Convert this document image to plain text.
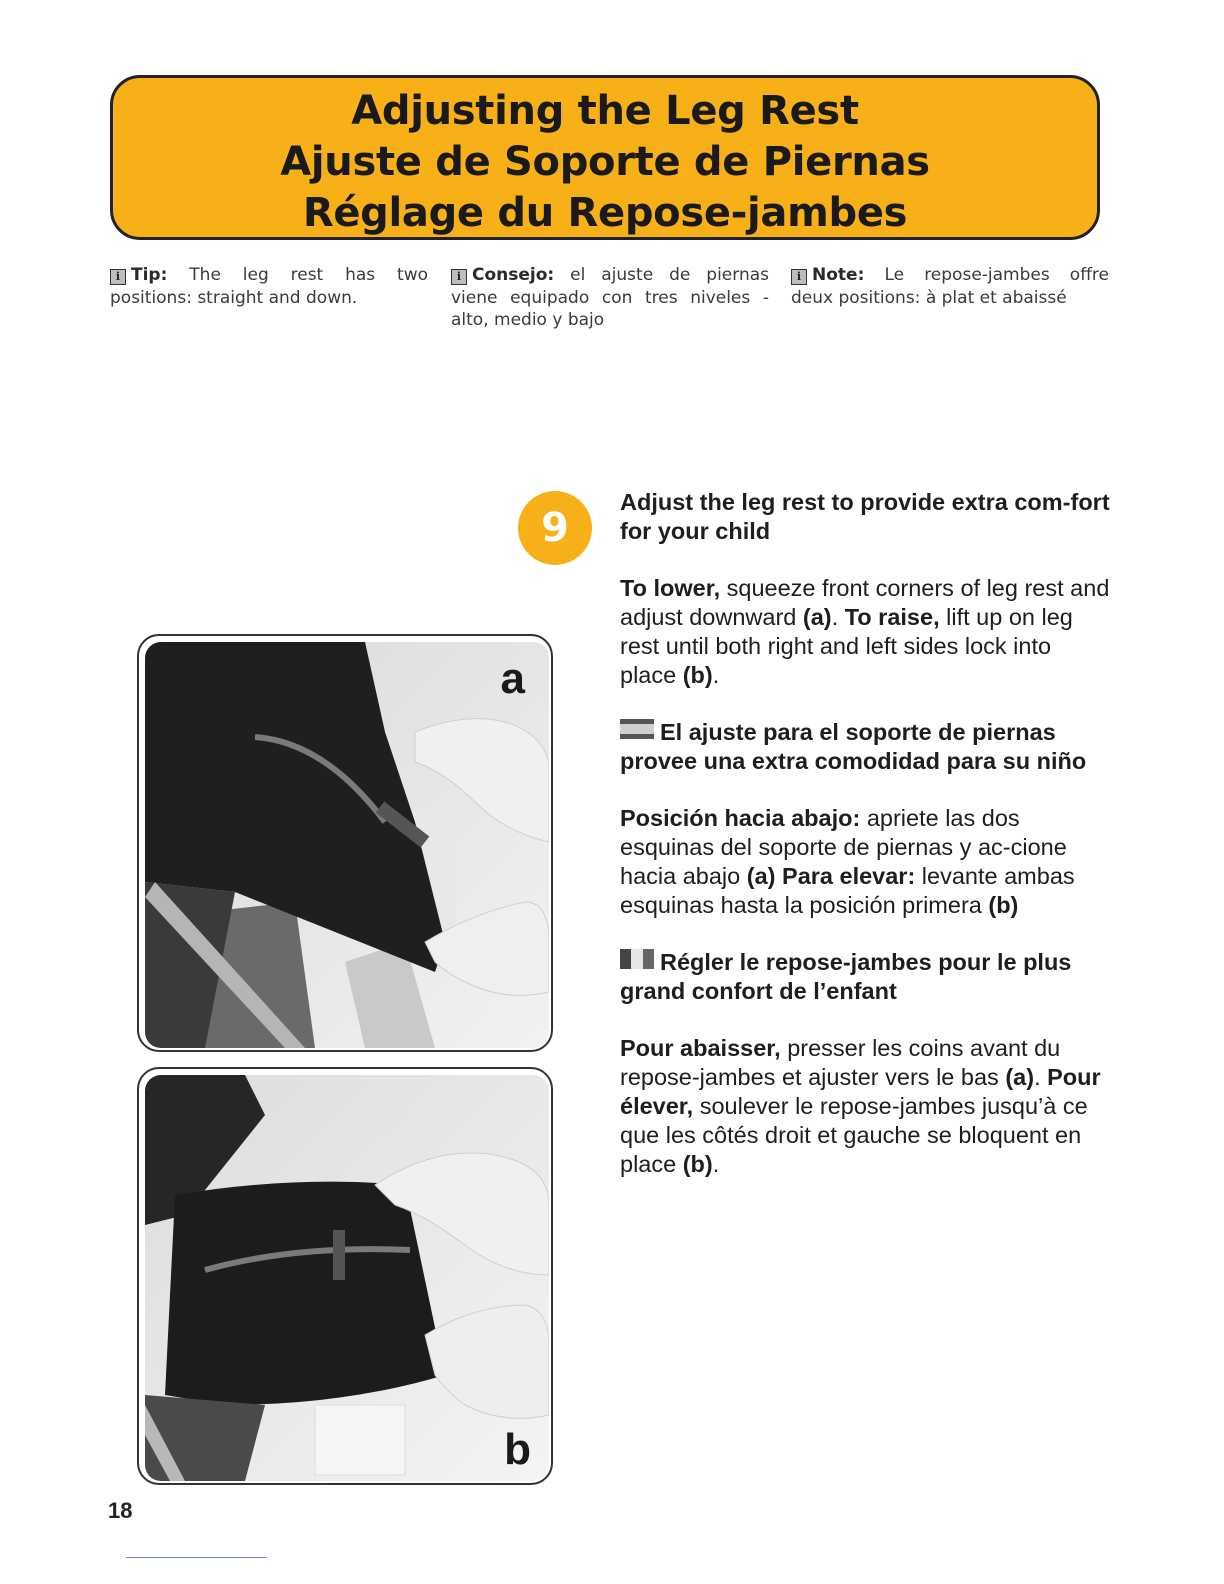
Adjusting the Leg Rest
Ajuste de Soporte de Piernas
Réglage du Repose-jambes
i Tip: The leg rest has two positions: straight and down.
i Consejo: el ajuste de piernas viene equipado con tres niveles - alto, medio y bajo
i Note: Le repose-jambes offre deux positions: à plat et abaissé
9
a
b

Adjust the leg rest to provide extra com-fort for your child

To lower, squeeze front corners of leg rest and adjust downward (a). To raise, lift up on leg rest until both right and left sides lock into place (b).

El ajuste para el soporte de piernas provee una extra comodidad para su niño

Posición hacia abajo: apriete las dos esquinas del soporte de piernas y ac-cione hacia abajo (a) Para elevar: levante ambas esquinas hasta la posición primera (b)

Régler le repose-jambes pour le plus grand confort de l’enfant

Pour abaisser, presser les coins avant du repose-jambes et ajuster vers le bas (a). Pour élever, soulever le repose-jambes jusqu’à ce que les côtés droit et gauche se bloquent en place (b).

18
